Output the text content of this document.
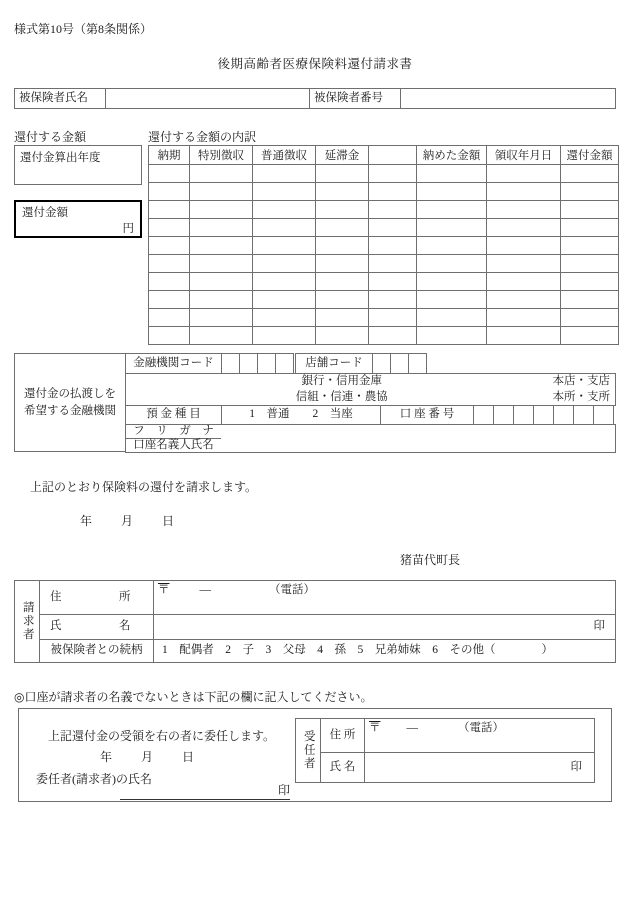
様式第10号（第8条関係）
後期高齢者医療保険料還付請求書
被保険者氏名	被保険者番号
還付する金額
還付金算出年度
還付金額
円
還付する金額の内訳
納期	特別徴収	普通徴収	延滞金		納めた金額	領収年月日	還付金額

還付金の払渡しを
希望する金融機関
金融機関コード	店舗コード
銀行・信用金庫	本店・支店
信組・信連・農協	本所・支所
預 金 種 目	1　普通　　2　当座	口 座 番 号
フ　リ　ガ　ナ
口座名義人氏名
上記のとおり保険料の還付を請求します。
年 月 日
猪苗代町長
請求者
住　　　　　所
〒	—	（電話）
氏　　　　　名	印
被保険者との続柄	1　配偶者　2　子　3　父母　4　孫　5　兄弟姉妹　6　その他（　　　　）
◎口座が請求者の名義でないときは下記の欄に記入してください。
上記還付金の受領を右の者に委任します。
年 月 日
委任者(請求者)の氏名
印
受任者	住 所
〒 —	（電話）
氏 名	印
